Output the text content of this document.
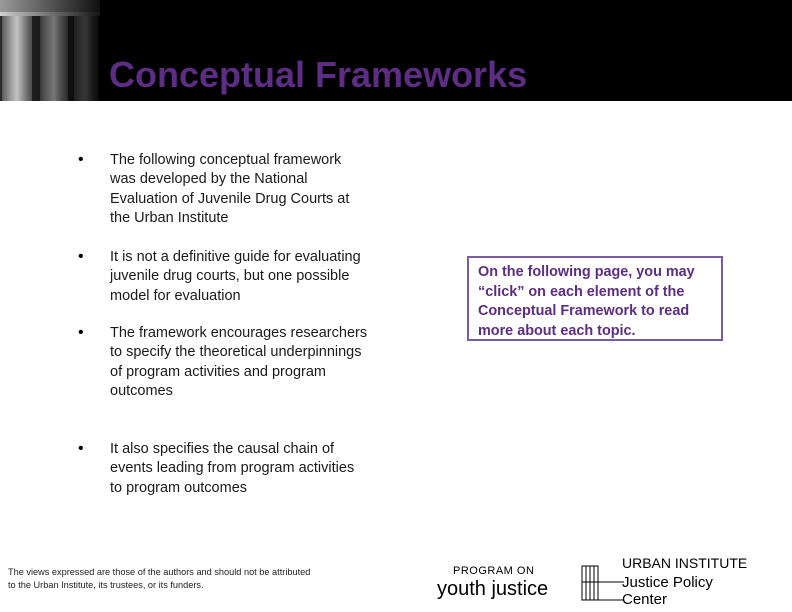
Conceptual Frameworks
• The following conceptual framework was developed by the National Evaluation of Juvenile Drug Courts at the Urban Institute
• It is not a definitive guide for evaluating juvenile drug courts, but one possible model for evaluation
• The framework encourages researchers to specify the theoretical underpinnings of program activities and program outcomes
• It also specifies the causal chain of events leading from program activities to program outcomes
On the following page, you may “click” on each element of the Conceptual Framework to read more about each topic.
The views expressed are those of the authors and should not be attributed to the Urban Institute, its trustees, or its funders.
PROGRAM ON
youth justice
URBAN INSTITUTE
Justice Policy Center
